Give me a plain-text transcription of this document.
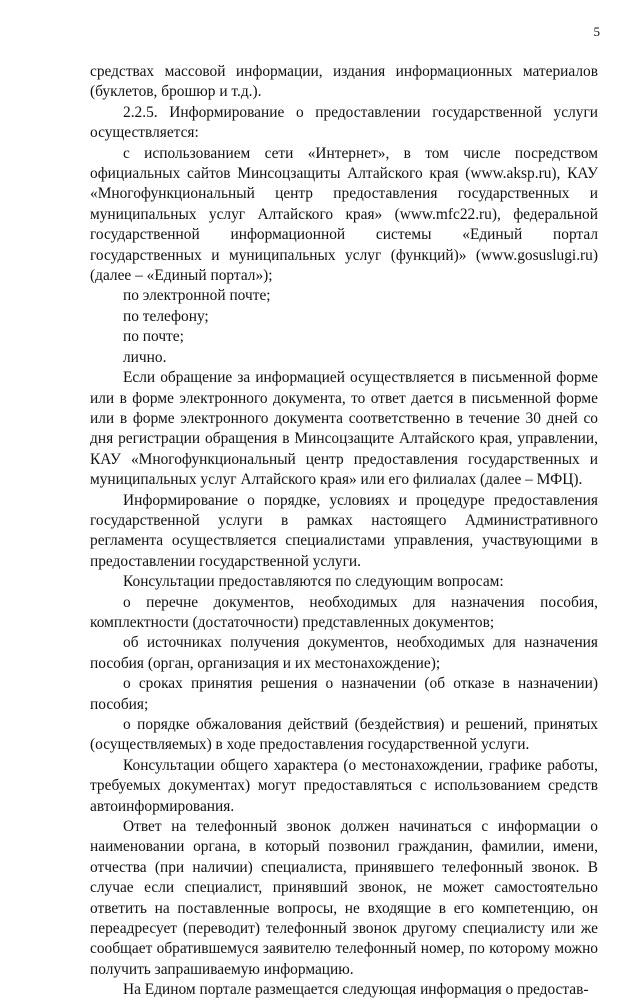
5

средствах массовой информации, издания информационных материалов (буклетов, брошюр и т.д.).

2.2.5. Информирование о предоставлении государственной услуги осуществляется:

с использованием сети «Интернет», в том числе посредством официальных сайтов Минсоцзащиты Алтайского края (www.aksp.ru), КАУ «Многофункциональный центр предоставления государственных и муниципальных услуг Алтайского края» (www.mfc22.ru), федеральной государственной информационной системы «Единый портал государственных и муниципальных услуг (функций)» (www.gosuslugi.ru) (далее – «Единый портал»);

по электронной почте;

по телефону;

по почте;

лично.

Если обращение за информацией осуществляется в письменной форме или в форме электронного документа, то ответ дается в письменной форме или в форме электронного документа соответственно в течение 30 дней со дня регистрации обращения в Минсоцзащите Алтайского края, управлении, КАУ «Многофункциональный центр предоставления государственных и муниципальных услуг Алтайского края» или его филиалах (далее – МФЦ).

Информирование о порядке, условиях и процедуре предоставления государственной услуги в рамках настоящего Административного регламента осуществляется специалистами управления, участвующими в предоставлении государственной услуги.

Консультации предоставляются по следующим вопросам:

о перечне документов, необходимых для назначения пособия, комплектности (достаточности) представленных документов;

об источниках получения документов, необходимых для назначения пособия (орган, организация и их местонахождение);

о сроках принятия решения о назначении (об отказе в назначении) пособия;

о порядке обжалования действий (бездействия) и решений, принятых (осуществляемых) в ходе предоставления государственной услуги.

Консультации общего характера (о местонахождении, графике работы, требуемых документах) могут предоставляться с использованием средств автоинформирования.

Ответ на телефонный звонок должен начинаться с информации о наименовании органа, в который позвонил гражданин, фамилии, имени, отчества (при наличии) специалиста, принявшего телефонный звонок. В случае если специалист, принявший звонок, не может самостоятельно ответить на поставленные вопросы, не входящие в его компетенцию, он переадресует (переводит) телефонный звонок другому специалисту или же сообщает обратившемуся заявителю телефонный номер, по которому можно получить запрашиваемую информацию.

На Едином портале размещается следующая информация о предостав-
